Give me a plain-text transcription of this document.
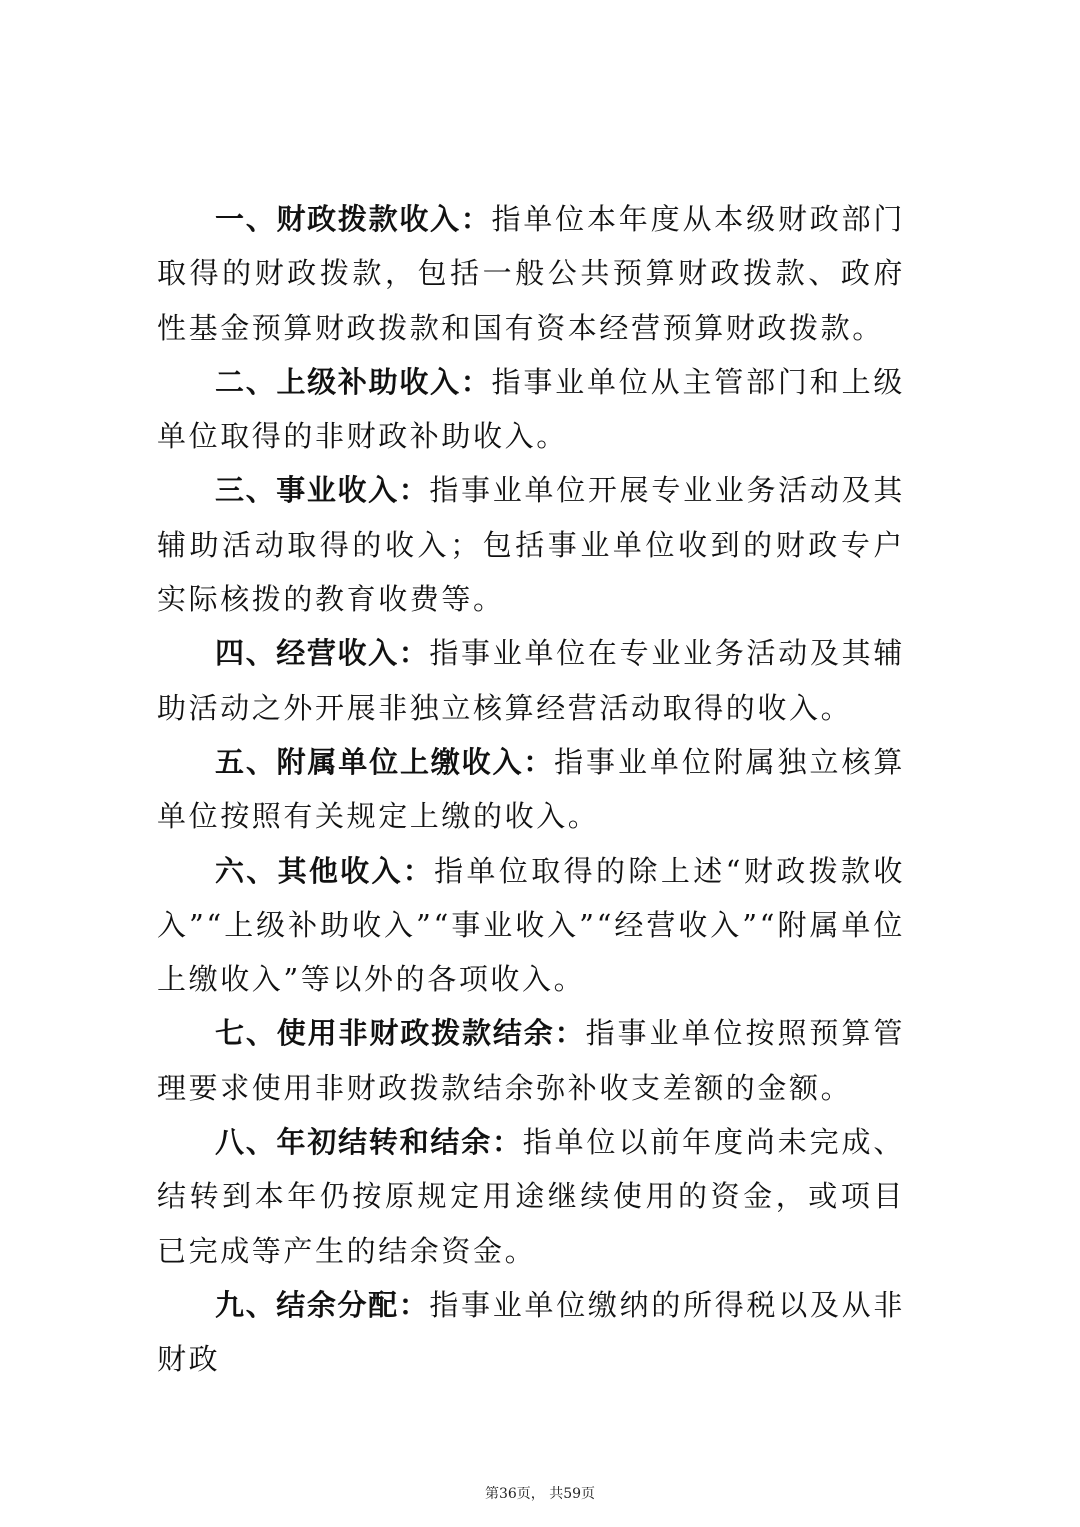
一、财政拨款收入：指单位本年度从本级财政部门取得的财政拨款，包括一般公共预算财政拨款、政府性基金预算财政拨款和国有资本经营预算财政拨款。

二、上级补助收入：指事业单位从主管部门和上级单位取得的非财政补助收入。

三、事业收入：指事业单位开展专业业务活动及其辅助活动取得的收入；包括事业单位收到的财政专户实际核拨的教育收费等。

四、经营收入：指事业单位在专业业务活动及其辅助活动之外开展非独立核算经营活动取得的收入。

五、附属单位上缴收入：指事业单位附属独立核算单位按照有关规定上缴的收入。

六、其他收入：指单位取得的除上述“财政拨款收入”“上级补助收入”“事业收入”“经营收入”“附属单位上缴收入”等以外的各项收入。

七、使用非财政拨款结余：指事业单位按照预算管理要求使用非财政拨款结余弥补收支差额的金额。

八、年初结转和结余：指单位以前年度尚未完成、结转到本年仍按原规定用途继续使用的资金，或项目已完成等产生的结余资金。

九、结余分配：指事业单位缴纳的所得税以及从非财政

第36页， 共59页
